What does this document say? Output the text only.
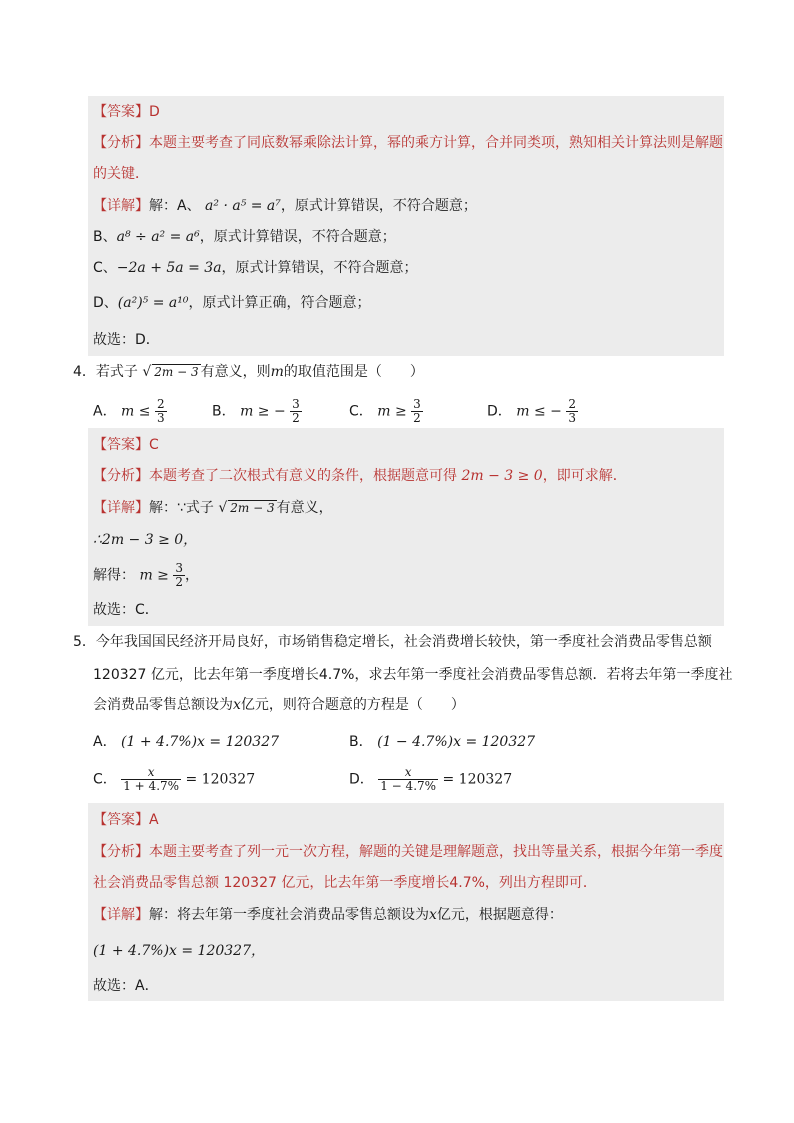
【答案】D
【分析】本题主要考查了同底数幂乘除法计算，幂的乘方计算，合并同类项，熟知相关计算法则是解题
的关键．
【详解】解：A、 a² · a⁵ = a⁷，原式计算错误，不符合题意；
B、a⁸ ÷ a² = a⁶，原式计算错误，不符合题意；
C、−2a + 5a = 3a，原式计算错误，不符合题意；
D、(a²)⁵ = a¹⁰，原式计算正确，符合题意；
故选：D．
4．若式子 √ 2m − 3 有意义，则m的取值范围是（　　）
A． $m \le \frac{2}{3}$	B． m ≥ − $\frac{3}{2}$	C． $m \ge \frac{3}{2}$	D． m ≤ − $\frac{2}{3}$
【答案】C
【分析】本题考查了二次根式有意义的条件，根据题意可得 2m − 3 ≥ 0，即可求解．
【详解】解：∵式子 √ 2m − 3 有意义，
∴2m − 3 ≥ 0，
解得： $m \ge \frac{3}{2}$ ，
故选：C．
5．今年我国国民经济开局良好，市场销售稳定增长，社会消费增长较快，第一季度社会消费品零售总额
120327 亿元，比去年第一季度增长4.7%，求去年第一季度社会消费品零售总额．若将去年第一季度社
会消费品零售总额设为x亿元，则符合题意的方程是（　　）
A． (1 + 4.7%)x = 120327	B． (1 − 4.7%)x = 120327
C． $\frac{x}{1 + 4.7\%} = 120327$	D． $\frac{x}{1 - 4.7\%} = 120327$
【答案】A
【分析】本题主要考查了列一元一次方程，解题的关键是理解题意，找出等量关系，根据今年第一季度
社会消费品零售总额 120327 亿元，比去年第一季度增长4.7%，列出方程即可．
【详解】解：将去年第一季度社会消费品零售总额设为x亿元，根据题意得：
(1 + 4.7%)x = 120327，
故选：A．
